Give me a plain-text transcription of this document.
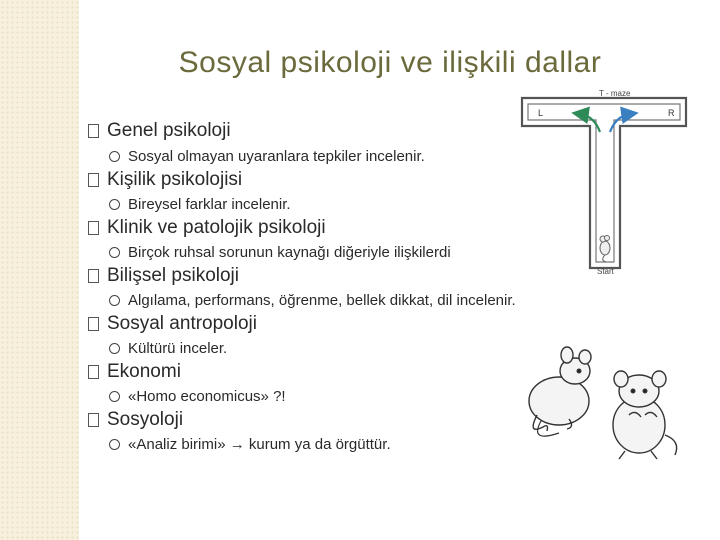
Sosyal psikoloji ve ilişkili dallar
Genel psikoloji
Sosyal olmayan uyaranlara tepkiler incelenir.
Kişilik psikolojisi
Bireysel farklar incelenir.
Klinik ve patolojik psikoloji
Birçok ruhsal sorunun kaynağı diğeriyle ilişkilerdi
Bilişsel psikoloji
Algılama, performans, öğrenme, bellek dikkat, dil incelenir.
Sosyal antropoloji
Kültürü inceler.
Ekonomi
«Homo economicus» ?!
Sosyoloji
«Analiz birimi» → kurum ya da örgüttür.
T - maze
L	R
Start
